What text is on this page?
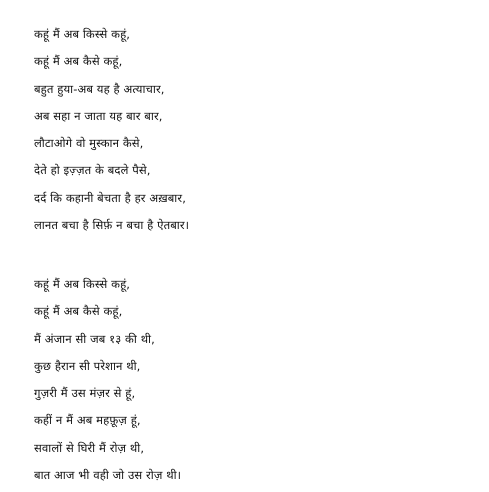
कहूं मैं अब किस्से कहूं,
कहूं मैं अब कैसे कहूं,
बहुत हुया-अब यह है अत्याचार,
अब सहा न जाता यह बार बार,
लौटाओगे वो मुस्कान कैसे,
देते हो इज़्ज़त के बदले पैसे,
दर्द कि कहानी बेचता है हर अख़बार,
लानत बचा है सिर्फ़ न बचा है ऐतबार।
कहूं मैं अब किस्से कहूं,
कहूं मैं अब कैसे कहूं,
मैं अंजान सी जब १३ की थी,
कुछ हैरान सी परेशान थी,
गुज़री मैं उस मंज़र से हूं,
कहीं न मैं अब महफ़ूज़ हूं,
सवालों से घिरी मैं रोज़ थी,
बात आज भी वही जो उस रोज़ थी।
